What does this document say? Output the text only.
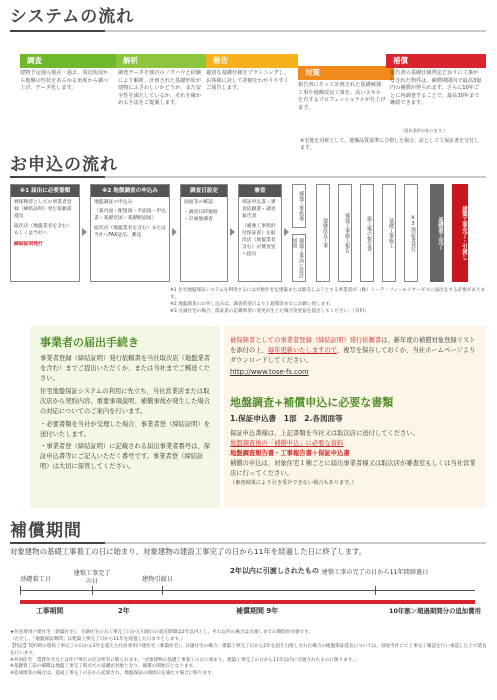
システムの流れ
調査
建物予定地の現在・過去、周辺状況から地盤の性状をあらゆる角度から調べ上げ、データ化します。
解析
調査データを独自のノウハウと経験により解析、計画された基礎形状が建物にふさわしいかどうか、また安全性を満たしているか、それを確かめる手法をご提案します。
報告
適切な基礎仕様をプランニングし、お客様に対して詳細をわかりやすくご報告します。
対策
報告書にそって計画された基礎補強工事や地盤改良工事を、高いスキルを有するプロフェッショナルが仕上げます。
補償
報告書の基礎仕様判定どおりに工事がなされた物件は、補償期間内で最高3億円の補償が得られます。さらに10年ごとに再調査することで、最長30年まで継続できます。
（延長条件があります。）
※宅地を対象として、地盤品質基準に合格した場合、証としてて保証書を交付します。
お申込の流れ
※1 届出に必要書類
被保険者としての事業者登録（締結証明）発行依頼書提出
取次店（地盤業者を含む）もしくは当社へ
締結証明発行
※2 地盤調査の申込み
地盤調査の申込み
（案内図・配置図・平面図・申込書・基礎伏図・基礎断面図）
取次店（地盤業者を含む）または当社へFAX送信、郵送
調査日設定
図面等の確認
・調査日時連絡
・計画地調査
審査
保証申込書・審査依頼書・調査報告書
（補強工事指針付保証書）を取次店（地盤業者含む）が審査室へ提出
補強工事指導
補強工事前に設計図面	地盤改良工事	補強工事施工報告	施工後の報告書	基礎工事施工	※3保証書発行	基礎着工完了	建築工事完了・引渡し
※1 住宅地盤保証システムを利用するには対象住宅を建築または販売しようとする事業者が（株）トーテ・フィールドサービスに届出をする必要があります。
※2 地盤調査のお申し込みは、調査希望日より１週間前までにお願い致します。
※3 分譲住宅の場合、保証書の記載事項に変更が生じた場合変更届を提出してください。（有料）
事業者の届出手続き
事業者登録（締結証明）発行依頼書を当社取次店（地盤業者を含む）までご提出いただくか、または当社までご郵送ください。
住宅地盤保証システムの利用に先立ち、当社営業店または取次店から契約内容、重要事項説明、補償事故が発生した場合の対応についてのご案内を行います。
・必要書類を当社が受理した場合、事業者登（締結証明）を送付いたします。
・事業者登（締結証明）に記載される届出事業者番号は、保証申込書等にご記入いただく番号です。事業者登（締結証明）は大切に保管してください。
被保険者としての事業者登録（締結証明）発行依頼書は、新年度の補償対象登録リストを添付の上、毎年更新いたしますので、複写を保存しておくか、当社ホームページよりダウンロードしてください。
http://www.tose-fs.com
地盤調査+補償申込に必要な書類
1.保証申込書　1部　2.各図面等
保証申込書様は、上記書類を当社又は取次店に送付してください。
地盤調査後の「補償申込」に必要な資料
地盤調査報告書・工事報告書＋保証申込書
補償の申込は、対象住宅１棟ごとに届出事業者様又は取次店が審査室もしくは当社営業店に行ってください。
（審査結果により引き受けできない場合もあります。）
補償期間
対象建物の基礎工事着工の日に始まり、対象建物の建設工事完了の日から11年を経過した日に終了します。
基礎着工日
建築工事完了の日	建物引渡日
2年以内に引渡しされたもの 建築工事の完了の日から11年間経過日
工事期間	2年	補償期間 9年	10年割ン超過期間分の追加費用
★住居専用戸建住宅（新築住宅）、分譲住宅のみ工事完了日から引渡日の延長期間は2年以内とし、それ以外の場合は引渡しまでの期間が対象です。
（ただし、「地盤保証期間」は建築工事完了日から11年を経過した日までとします。）
【特記】契約時の別段工事完了の日から2年を超えた住居専用戸建住宅（新築住宅）、分譲住宅の場合：建築工事完了日から2年を超え引渡しされた場合の地盤保証延長については、別途当社にて工事完了確認を行い承認した上で延長を行います。
※共同住宅　賃貸住宅などは住戸単位の区分所有に限られます。「対象建物の基礎工事着工の日に始まり、建築工事完了の日から11年以内に引渡されたものに限ります。」
※基礎着工前の補償は地盤工事完了時点での基礎が対象となり、補償の開始日となります。
※造成地等の場合は、造成工事完了の日から起算され、地盤保証の開始日を満たす場合に限ります。
